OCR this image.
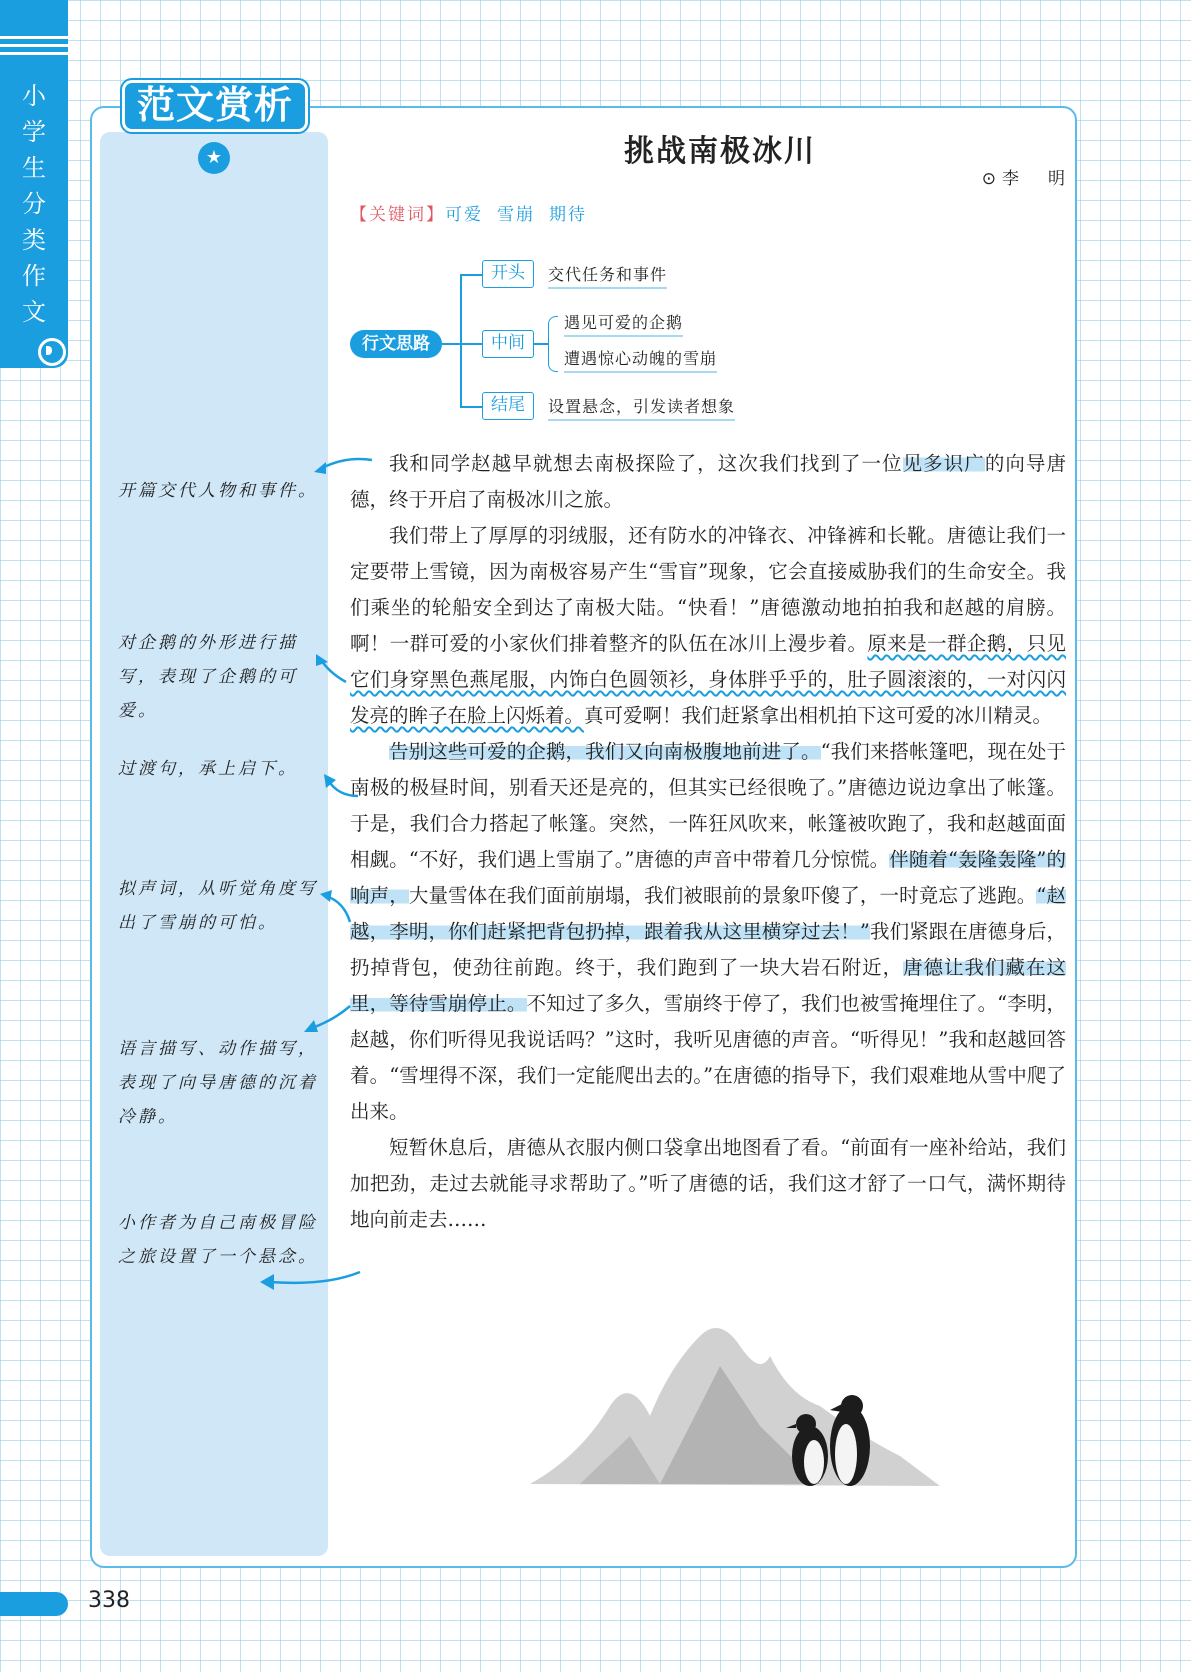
小
学
生
分
类
作
文
范文赏析
★	挑战南极冰川
⊙李　明
【关键词】可爱 雪崩 期待
行文思路
开头
中间
结尾
交代任务和事件
遇见可爱的企鹅
遭遇惊心动魄的雪崩
设置悬念，引发读者想象

我和同学赵越早就想去南极探险了，这次我们找到了一位见多识广的向导唐德，终于开启了南极冰川之旅。

我们带上了厚厚的羽绒服，还有防水的冲锋衣、冲锋裤和长靴。唐德让我们一定要带上雪镜，因为南极容易产生“雪盲”现象，它会直接威胁我们的生命安全。我们乘坐的轮船安全到达了南极大陆。“快看！”唐德激动地拍拍我和赵越的肩膀。啊！一群可爱的小家伙们排着整齐的队伍在冰川上漫步着。原来是一群企鹅，只见它们身穿黑色燕尾服，内饰白色圆领衫，身体胖乎乎的，肚子圆滚滚的，一对闪闪发亮的眸子在脸上闪烁着。真可爱啊！我们赶紧拿出相机拍下这可爱的冰川精灵。

告别这些可爱的企鹅，我们又向南极腹地前进了。“我们来搭帐篷吧，现在处于南极的极昼时间，别看天还是亮的，但其实已经很晚了。”唐德边说边拿出了帐篷。于是，我们合力搭起了帐篷。突然，一阵狂风吹来，帐篷被吹跑了，我和赵越面面相觑。“不好，我们遇上雪崩了。”唐德的声音中带着几分惊慌。伴随着“轰隆轰隆”的响声，大量雪体在我们面前崩塌，我们被眼前的景象吓傻了，一时竟忘了逃跑。“赵越，李明，你们赶紧把背包扔掉，跟着我从这里横穿过去！”我们紧跟在唐德身后，扔掉背包，使劲往前跑。终于，我们跑到了一块大岩石附近，唐德让我们藏在这里，等待雪崩停止。不知过了多久，雪崩终于停了，我们也被雪掩埋住了。“李明，赵越，你们听得见我说话吗？”这时，我听见唐德的声音。“听得见！”我和赵越回答着。“雪埋得不深，我们一定能爬出去的。”在唐德的指导下，我们艰难地从雪中爬了出来。

短暂休息后，唐德从衣服内侧口袋拿出地图看了看。“前面有一座补给站，我们加把劲，走过去就能寻求帮助了。”听了唐德的话，我们这才舒了一口气，满怀期待地向前走去……

开篇交代人物和事件。
对企鹅的外形进行描写，表现了企鹅的可爱。
过渡句，承上启下。
拟声词，从听觉角度写出了雪崩的可怕。
语言描写、动作描写，表现了向导唐德的沉着冷静。
小作者为自己南极冒险之旅设置了一个悬念。
338
